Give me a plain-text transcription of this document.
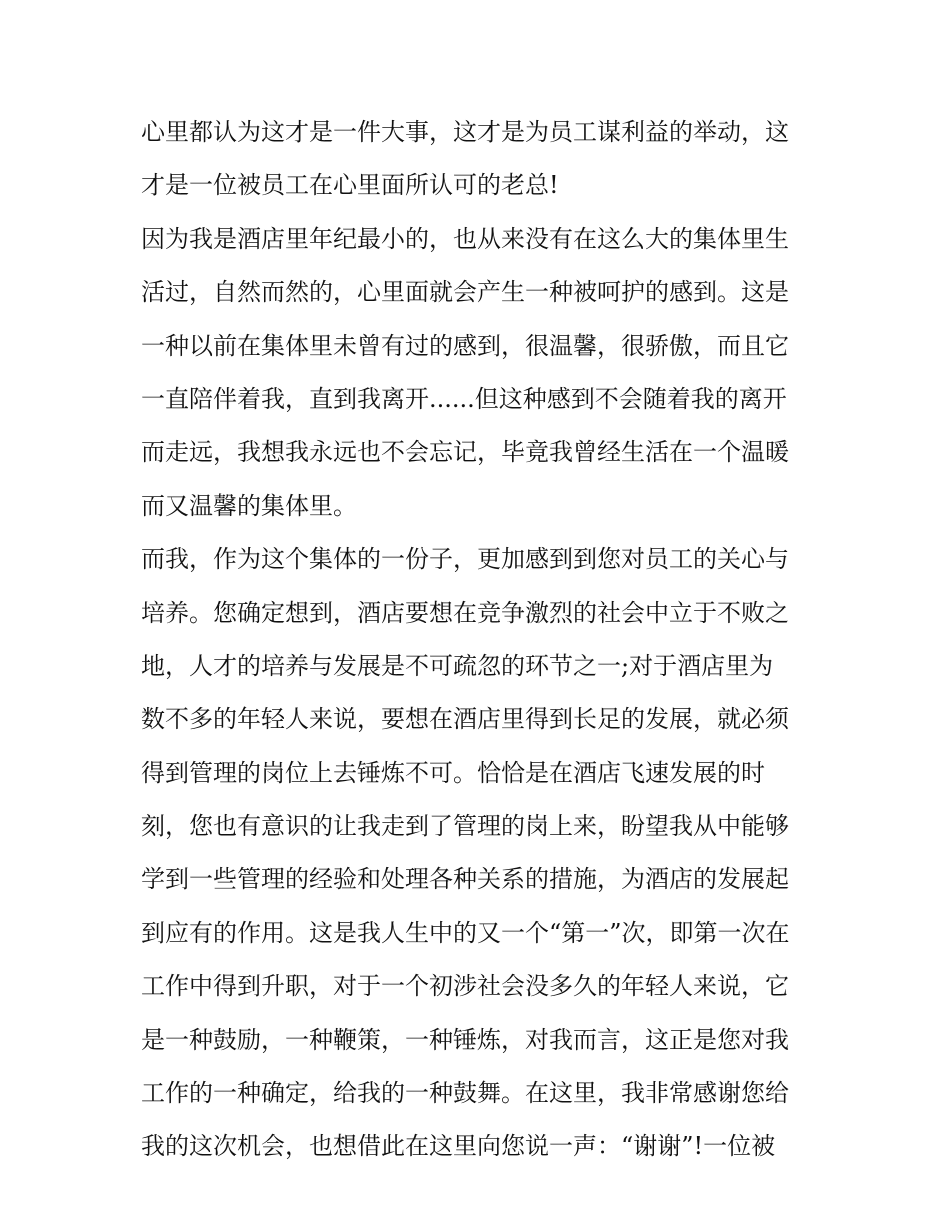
心里都认为这才是一件大事，这才是为员工谋利益的举动，这
才是一位被员工在心里面所认可的老总!
因为我是酒店里年纪最小的，也从来没有在这么大的集体里生
活过，自然而然的，心里面就会产生一种被呵护的感到。这是
一种以前在集体里未曾有过的感到，很温馨，很骄傲，而且它
一直陪伴着我，直到我离开......但这种感到不会随着我的离开
而走远，我想我永远也不会忘记，毕竟我曾经生活在一个温暖
而又温馨的集体里。
而我，作为这个集体的一份子，更加感到到您对员工的关心与
培养。您确定想到，酒店要想在竞争激烈的社会中立于不败之
地，人才的培养与发展是不可疏忽的环节之一;对于酒店里为
数不多的年轻人来说，要想在酒店里得到长足的发展，就必须
得到管理的岗位上去锤炼不可。恰恰是在酒店飞速发展的时
刻，您也有意识的让我走到了管理的岗上来，盼望我从中能够
学到一些管理的经验和处理各种关系的措施，为酒店的发展起
到应有的作用。这是我人生中的又一个“第一”次，即第一次在
工作中得到升职，对于一个初涉社会没多久的年轻人来说，它
是一种鼓励，一种鞭策，一种锤炼，对我而言，这正是您对我
工作的一种确定，给我的一种鼓舞。在这里，我非常感谢您给
我的这次机会，也想借此在这里向您说一声：“谢谢”!一位被
